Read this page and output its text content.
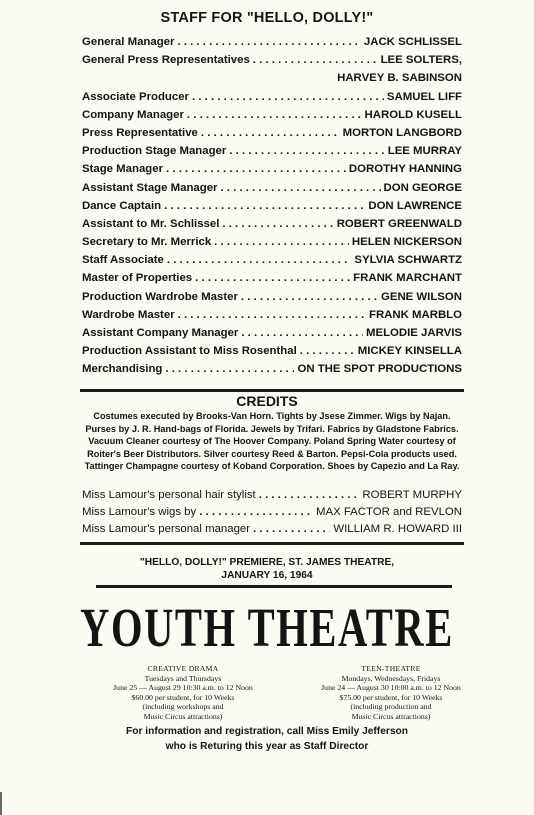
STAFF FOR "HELLO, DOLLY!"
General Manager . . .	JACK SCHLISSEL
General Press Representatives . . .	LEE SOLTERS,
HARVEY B. SABINSON
Associate Producer . . .	SAMUEL LIFF
Company Manager . . .	HAROLD KUSELL
Press Representative . . .	MORTON LANGBORD
Production Stage Manager . . .	LEE MURRAY
Stage Manager . . .	DOROTHY HANNING
Assistant Stage Manager . . .	DON GEORGE
Dance Captain . . .	DON LAWRENCE
Assistant to Mr. Schlissel . . .	ROBERT GREENWALD
Secretary to Mr. Merrick . . .	HELEN NICKERSON
Staff Associate . . .	SYLVIA SCHWARTZ
Master of Properties . . .	FRANK MARCHANT
Production Wardrobe Master . . .	GENE WILSON
Wardrobe Master . . .	FRANK MARBLO
Assistant Company Manager . . .	MELODIE JARVIS
Production Assistant to Miss Rosenthal . . .	MICKEY KINSELLA
Merchandising . . .	ON THE SPOT PRODUCTIONS
CREDITS
Costumes executed by Brooks-Van Horn. Tights by Jsese Zimmer. Wigs by Najan. Purses by J. R. Hand-bags of Florida. Jewels by Trifari. Fabrics by Gladstone Fabrics. Vacuum Cleaner courtesy of The Hoover Company. Poland Spring Water courtesy of Roiter's Beer Distributors. Silver courtesy Reed & Barton. Pepsi-Cola products used. Tattinger Champagne courtesy of Koband Corporation. Shoes by Capezio and La Ray.
Miss Lamour's personal hair stylist . . .	ROBERT MURPHY
Miss Lamour's wigs by . . .	MAX FACTOR and REVLON
Miss Lamour's personal manager . . .	WILLIAM R. HOWARD III
"HELLO, DOLLY!" PREMIERE, ST. JAMES THEATRE,
JANUARY 16, 1964
YOUTH THEATRE
CREATIVE DRAMA
Tuesdays and Thursdays
June 25 — August 29 10:30 a.m. to 12 Noon
$60.00 per student, for 10 Weeks
(including workshops and
Music Circus attractions)
TEEN-THEATRE
Mondays, Wednesdays, Fridays
June 24 — August 30 10:00 a.m. to 12 Noon
$75.00 per student, for 10 Weeks
(including production and
Music Circus attractions)
For information and registration, call Miss Emily Jefferson
who is Returing this year as Staff Director
